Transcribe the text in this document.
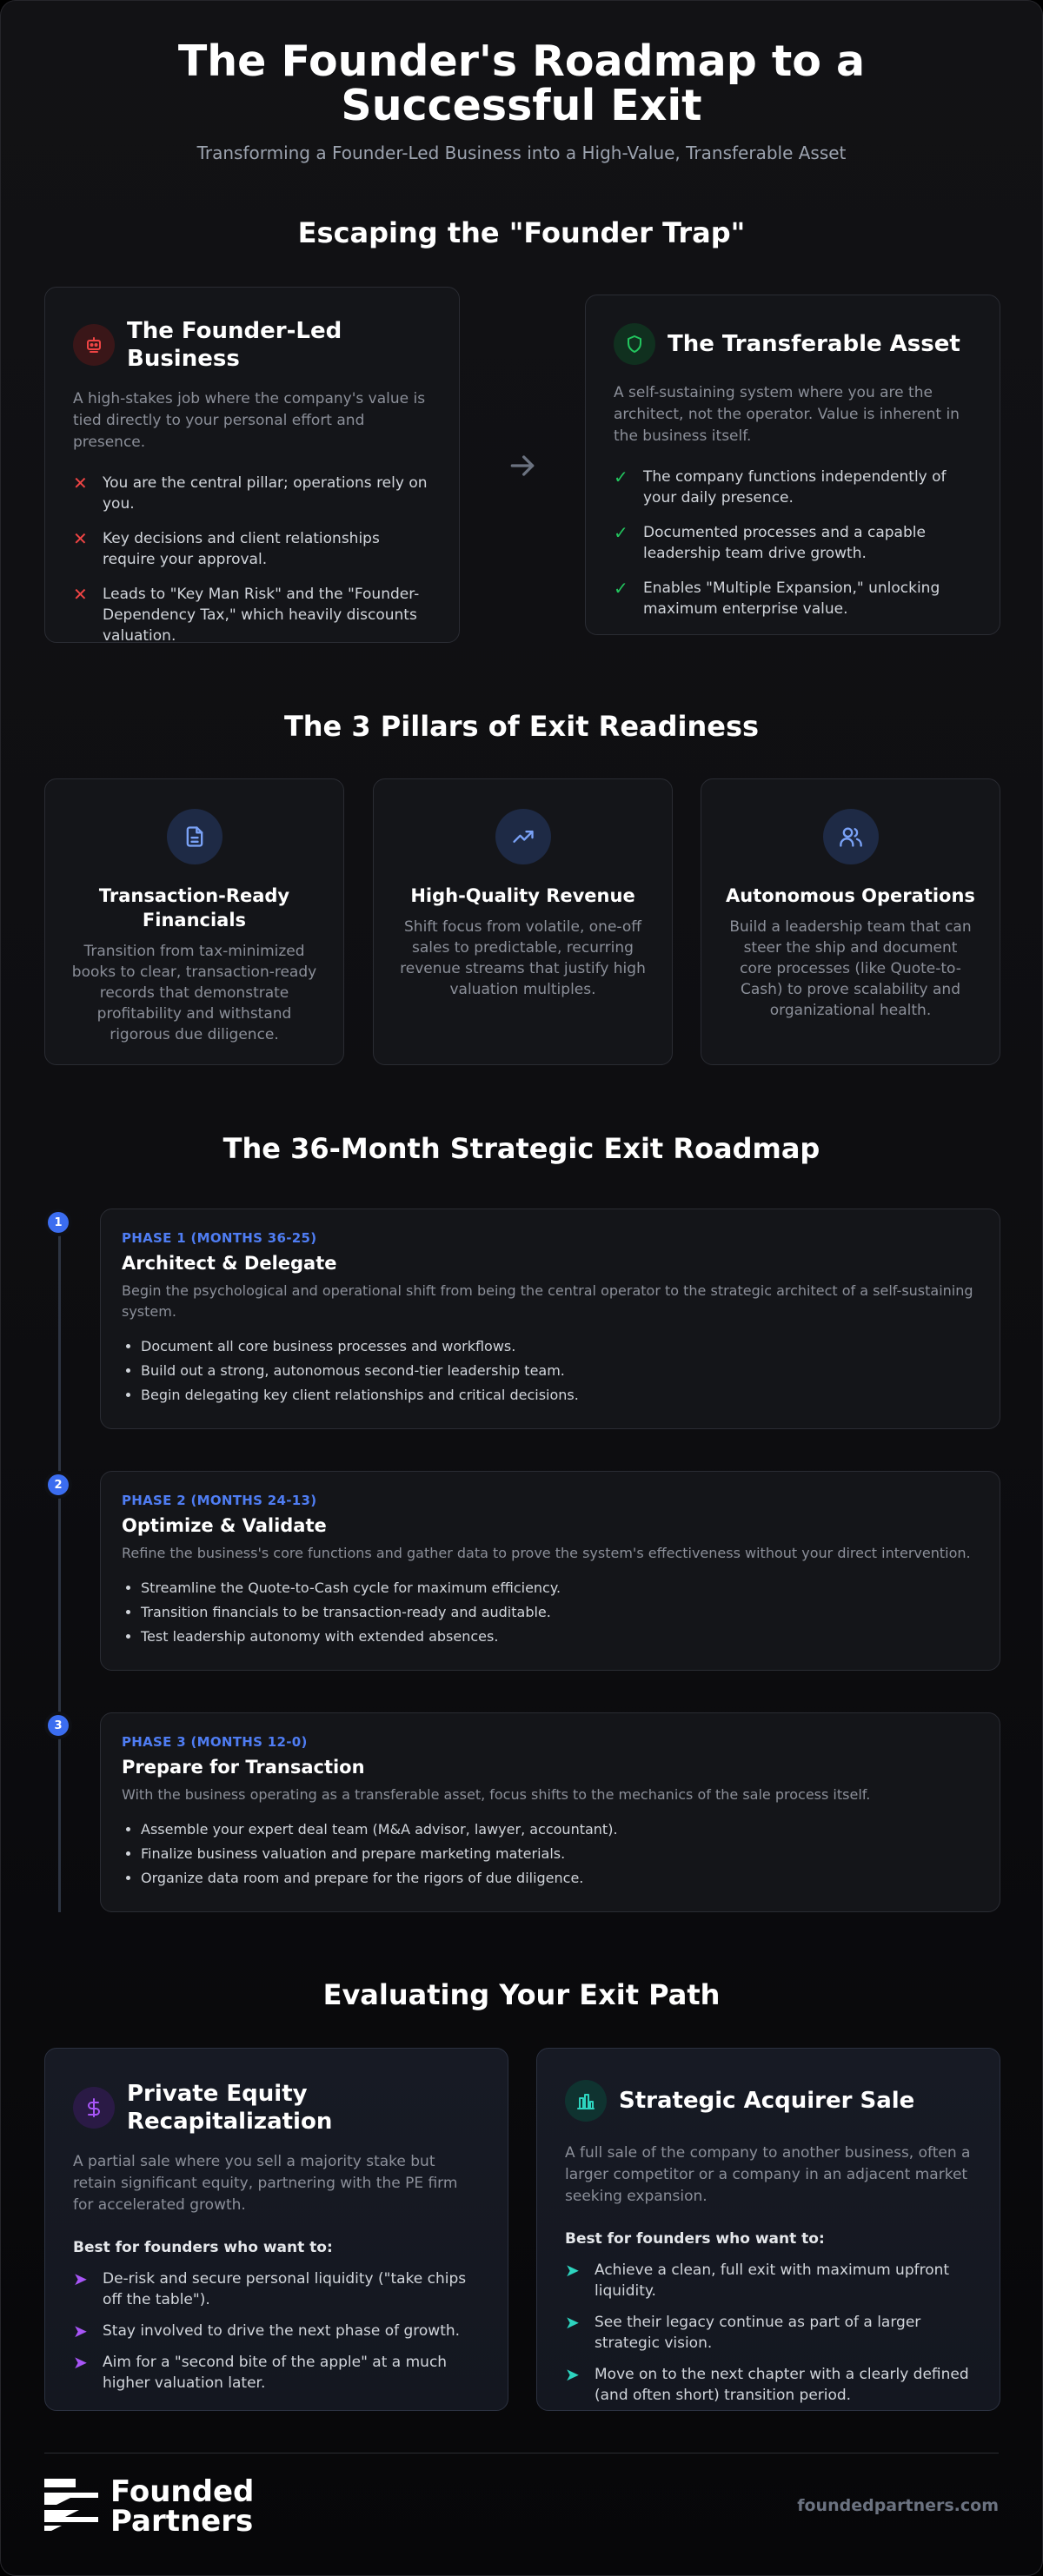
The Founder's Roadmap to a Successful Exit
Transforming a Founder-Led Business into a High-Value, Transferable Asset
Escaping the "Founder Trap"
The Founder-Led Business
A high-stakes job where the company's value is tied directly to your personal effort and presence.
✕ You are the central pillar; operations rely on you.
✕ Key decisions and client relationships require your approval.
✕ Leads to "Key Man Risk" and the "Founder-Dependency Tax," which heavily discounts valuation.
The Transferable Asset
A self-sustaining system where you are the architect, not the operator. Value is inherent in the business itself.
✓ The company functions independently of your daily presence.
✓ Documented processes and a capable leadership team drive growth.
✓ Enables "Multiple Expansion," unlocking maximum enterprise value.
The 3 Pillars of Exit Readiness
Transaction-Ready Financials
Transition from tax-minimized books to clear, transaction-ready records that demonstrate profitability and withstand rigorous due diligence.
High-Quality Revenue
Shift focus from volatile, one-off sales to predictable, recurring revenue streams that justify high valuation multiples.
Autonomous Operations
Build a leadership team that can steer the ship and document core processes (like Quote-to-Cash) to prove scalability and organizational health.
The 36-Month Strategic Exit Roadmap
1
PHASE 1 (MONTHS 36-25)
Architect & Delegate
Begin the psychological and operational shift from being the central operator to the strategic architect of a self-sustaining system.
• Document all core business processes and workflows.
• Build out a strong, autonomous second-tier leadership team.
• Begin delegating key client relationships and critical decisions.
2
PHASE 2 (MONTHS 24-13)
Optimize & Validate
Refine the business's core functions and gather data to prove the system's effectiveness without your direct intervention.
• Streamline the Quote-to-Cash cycle for maximum efficiency.
• Transition financials to be transaction-ready and auditable.
• Test leadership autonomy with extended absences.
3
PHASE 3 (MONTHS 12-0)
Prepare for Transaction
With the business operating as a transferable asset, focus shifts to the mechanics of the sale process itself.
• Assemble your expert deal team (M&A advisor, lawyer, accountant).
• Finalize business valuation and prepare marketing materials.
• Organize data room and prepare for the rigors of due diligence.
Evaluating Your Exit Path
Private Equity Recapitalization
A partial sale where you sell a majority stake but retain significant equity, partnering with the PE firm for accelerated growth.
Best for founders who want to:
➤ De-risk and secure personal liquidity ("take chips off the table").
➤ Stay involved to drive the next phase of growth.
➤ Aim for a "second bite of the apple" at a much higher valuation later.
Strategic Acquirer Sale
A full sale of the company to another business, often a larger competitor or a company in an adjacent market seeking expansion.
Best for founders who want to:
➤ Achieve a clean, full exit with maximum upfront liquidity.
➤ See their legacy continue as part of a larger strategic vision.
➤ Move on to the next chapter with a clearly defined (and often short) transition period.
Founded
Partners	foundedpartners.com
